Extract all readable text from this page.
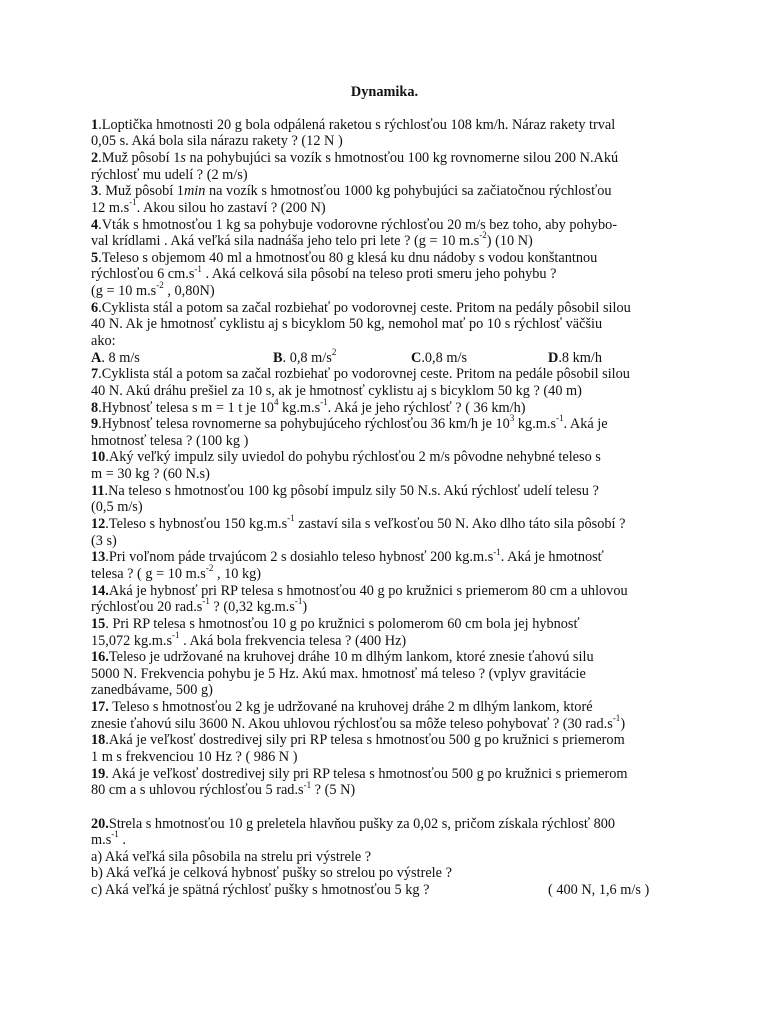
Dynamika.
1.Loptička hmotnosti 20 g bola odpálená raketou s rýchlosťou 108 km/h. Náraz rakety trval
0,05 s. Aká bola sila nárazu rakety ? (12 N )
2.Muž pôsobí 1s na pohybujúci sa vozík s hmotnosťou 100 kg rovnomerne silou 200 N.Akú
rýchlosť mu udelí ? (2 m/s)
3. Muž pôsobí 1min na vozík s hmotnosťou 1000 kg pohybujúci sa začiatočnou rýchlosťou
12 $m.s^{-1}$. Akou silou ho zastaví ? (200 N)
4.Vták s hmotnosťou 1 kg sa pohybuje vodorovne rýchlosťou 20 m/s bez toho, aby pohybo-
val krídlami . Aká veľká sila nadnáša jeho telo pri lete ? (g = 10 $m.s^{-2}$) (10 N)
5.Teleso s objemom 40 ml a hmotnosťou 80 g klesá ku dnu nádoby s vodou konštantnou
rýchlosťou 6 $cm.s^{-1}$ . Aká celková sila pôsobí na teleso proti smeru jeho pohybu ?
(g = 10 $m.s^{-2}$ , 0,80N)
6.Cyklista stál a potom sa začal rozbiehať po vodorovnej ceste. Pritom na pedály pôsobil silou
40 N. Ak je hmotnosť cyklistu aj s bicyklom 50 kg, nemohol mať po 10 s rýchlosť väčšiu
ako:
A. 8 m/s	B. 0,8 $m/s^2$	C.0,8 m/s	D.8 km/h
7.Cyklista stál a potom sa začal rozbiehať po vodorovnej ceste. Pritom na pedále pôsobil silou
40 N. Akú dráhu prešiel za 10 s, ak je hmotnosť cyklistu aj s bicyklom 50 kg ? (40 m)
8.Hybnosť telesa s m = 1 t je $10^4$ $kg.m.s^{-1}$. Aká je jeho rýchlosť ? ( 36 km/h)
9.Hybnosť telesa rovnomerne sa pohybujúceho rýchlosťou 36 km/h je $10^3$ $kg.m.s^{-1}$. Aká je
hmotnosť telesa ? (100 kg )
10.Aký veľký impulz sily uviedol do pohybu rýchlosťou 2 m/s pôvodne nehybné teleso s
m = 30 kg ? (60 N.s)
11.Na teleso s hmotnosťou 100 kg pôsobí impulz sily 50 N.s. Akú rýchlosť udelí telesu ?
(0,5 m/s)
12.Teleso s hybnosťou 150 $kg.m.s^{-1}$ zastaví sila s veľkosťou 50 N. Ako dlho táto sila pôsobí ?
(3 s)
13.Pri voľnom páde trvajúcom 2 s dosiahlo teleso hybnosť 200 $kg.m.s^{-1}$. Aká je hmotnosť
telesa ? ( g = 10 $m.s^{-2}$ , 10 kg)
14.Aká je hybnosť pri RP telesa s hmotnosťou 40 g po kružnici s priemerom 80 cm a uhlovou
rýchlosťou 20 $rad.s^{-1}$ ? (0,32 $kg.m.s^{-1}$)
15. Pri RP telesa s hmotnosťou 10 g po kružnici s polomerom 60 cm bola jej hybnosť
15,072 $kg.m.s^{-1}$ . Aká bola frekvencia telesa ? (400 Hz)
16.Teleso je udržované na kruhovej dráhe 10 m dlhým lankom, ktoré znesie ťahovú silu
5000 N. Frekvencia pohybu je 5 Hz. Akú max. hmotnosť má teleso ? (vplyv gravitácie
zanedbávame, 500 g)
17. Teleso s hmotnosťou 2 kg je udržované na kruhovej dráhe 2 m dlhým lankom, ktoré
znesie ťahovú silu 3600 N. Akou uhlovou rýchlosťou sa môže teleso pohybovať ? (30 $rad.s^{-1}$)
18.Aká je veľkosť dostredivej sily pri RP telesa s hmotnosťou 500 g po kružnici s priemerom
1 m s frekvenciou 10 Hz ? ( 986 N )
19. Aká je veľkosť dostredivej sily pri RP telesa s hmotnosťou 500 g po kružnici s priemerom
80 cm a s uhlovou rýchlosťou 5 $rad.s^{-1}$ ? (5 N)
20.Strela s hmotnosťou 10 g preletela hlavňou pušky za 0,02 s, pričom získala rýchlosť 800
$m.s^{-1}$ .
a) Aká veľká sila pôsobila na strelu pri výstrele ?
b) Aká veľká je celková hybnosť pušky so strelou po výstrele ?
c) Aká veľká je spätná rýchlosť pušky s hmotnosťou 5 kg ?	( 400 N, 1,6 m/s )
